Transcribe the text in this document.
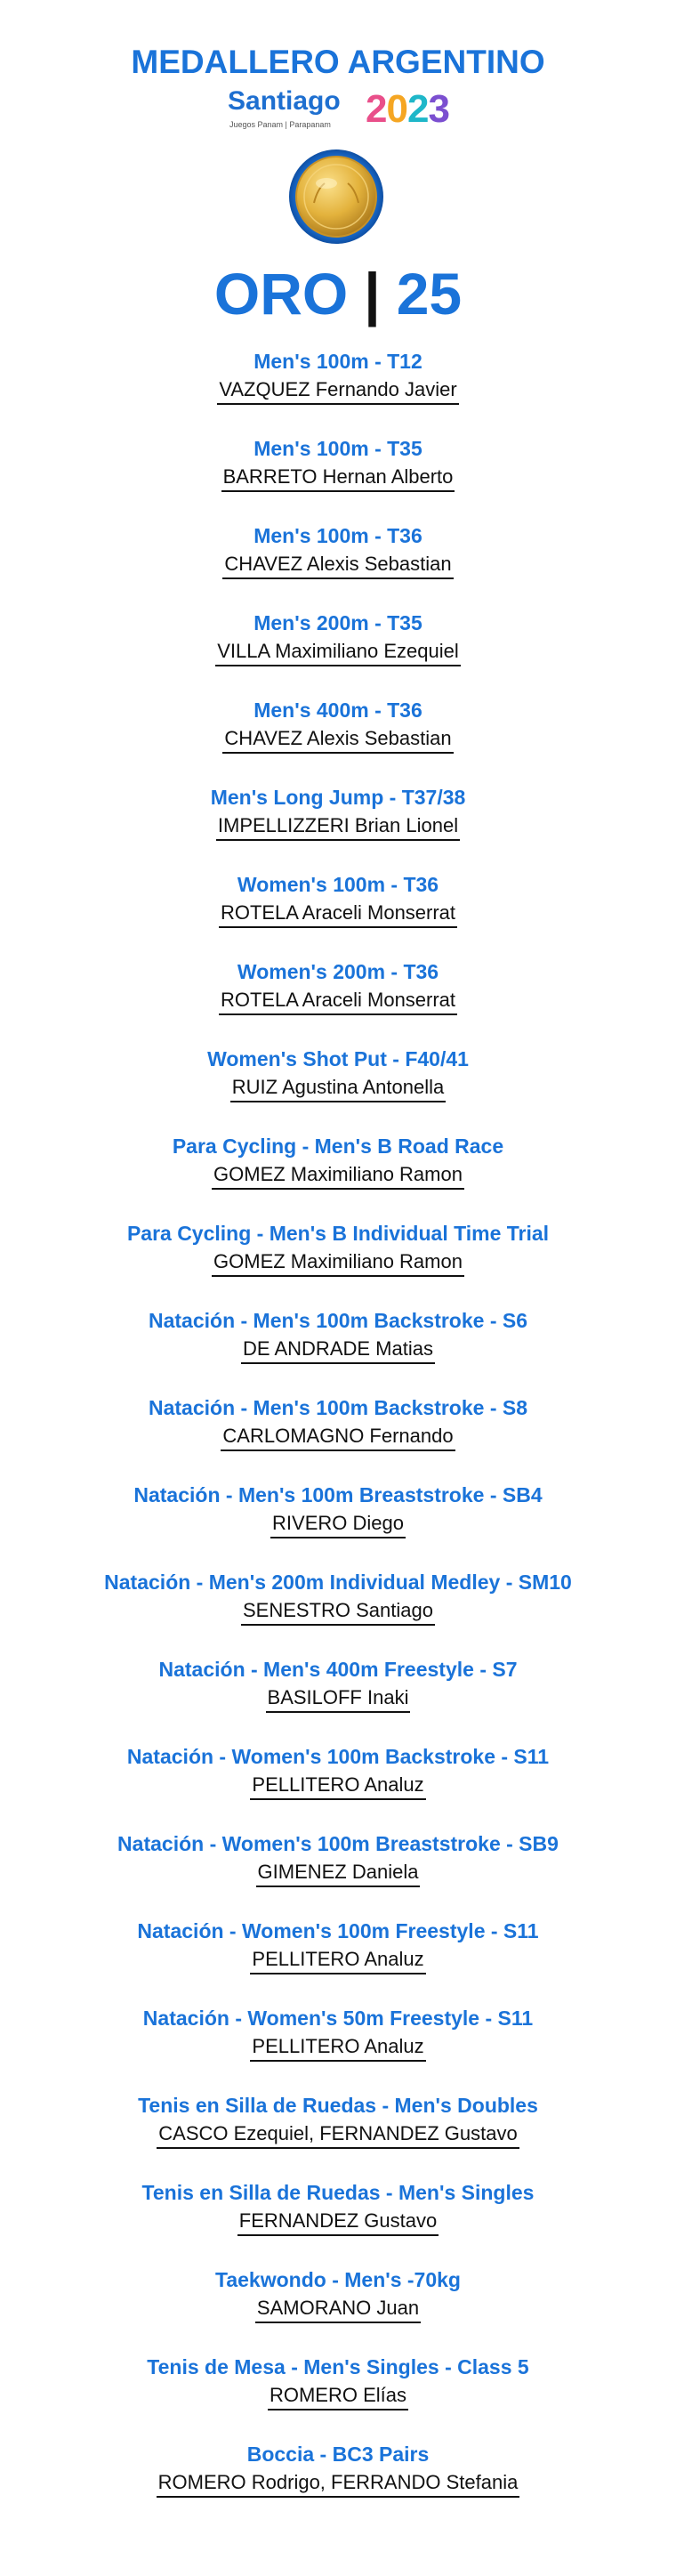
MEDALLERO ARGENTINO
Santiago
Juegos Panam | Parapanam 2023
ORO | 25
Men's 100m - T12
VAZQUEZ Fernando Javier
Men's 100m - T35
BARRETO Hernan Alberto
Men's 100m - T36
CHAVEZ Alexis Sebastian
Men's 200m - T35
VILLA Maximiliano Ezequiel
Men's 400m - T36
CHAVEZ Alexis Sebastian
Men's Long Jump - T37/38
IMPELLIZZERI Brian Lionel
Women's 100m - T36
ROTELA Araceli Monserrat
Women's 200m - T36
ROTELA Araceli Monserrat
Women's Shot Put - F40/41
RUIZ Agustina Antonella
Para Cycling - Men's B Road Race
GOMEZ Maximiliano Ramon
Para Cycling - Men's B Individual Time Trial
GOMEZ Maximiliano Ramon
Natación - Men's 100m Backstroke - S6
DE ANDRADE Matias
Natación - Men's 100m Backstroke - S8
CARLOMAGNO Fernando
Natación - Men's 100m Breaststroke - SB4
RIVERO Diego
Natación - Men's 200m Individual Medley - SM10
SENESTRO Santiago
Natación - Men's 400m Freestyle - S7
BASILOFF Inaki
Natación - Women's 100m Backstroke - S11
PELLITERO Analuz
Natación - Women's 100m Breaststroke - SB9
GIMENEZ Daniela
Natación - Women's 100m Freestyle - S11
PELLITERO Analuz
Natación - Women's 50m Freestyle - S11
PELLITERO Analuz
Tenis en Silla de Ruedas - Men's Doubles
CASCO Ezequiel, FERNANDEZ Gustavo
Tenis en Silla de Ruedas - Men's Singles
FERNANDEZ Gustavo
Taekwondo - Men's -70kg
SAMORANO Juan
Tenis de Mesa - Men's Singles - Class 5
ROMERO Elías
Boccia - BC3 Pairs
ROMERO Rodrigo, FERRANDO Stefania
